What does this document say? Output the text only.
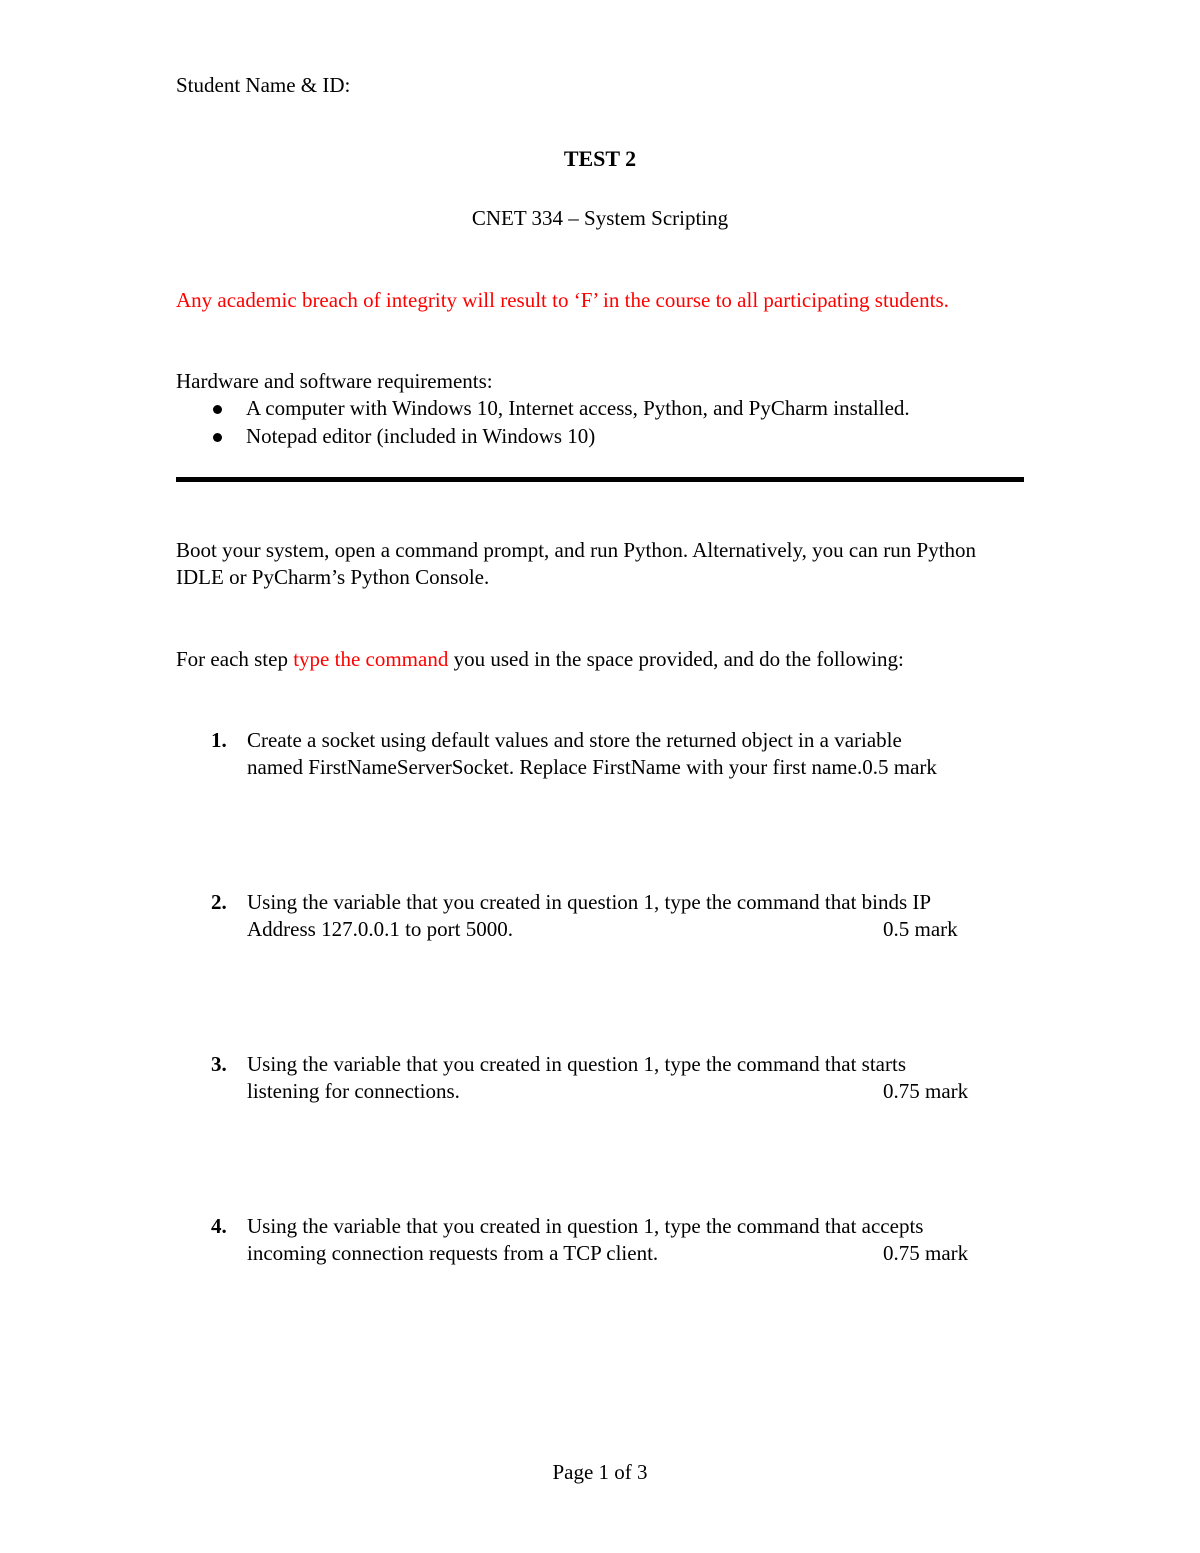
Student Name & ID:
TEST 2
CNET 334 – System Scripting
Any academic breach of integrity will result to ‘F’ in the course to all participating students.
Hardware and software requirements:
A computer with Windows 10, Internet access, Python, and PyCharm installed.
Notepad editor (included in Windows 10)
Boot your system, open a command prompt, and run Python. Alternatively, you can run Python IDLE or PyCharm’s Python Console.
For each step type the command you used in the space provided, and do the following:
1. Create a socket using default values and store the returned object in a variable
named FirstNameServerSocket. Replace FirstName with your first name.0.5 mark
2. Using the variable that you created in question 1, type the command that binds IP
Address 127.0.0.1 to port 5000.	0.5 mark
3. Using the variable that you created in question 1, type the command that starts
listening for connections.	0.75 mark
4. Using the variable that you created in question 1, type the command that accepts
incoming connection requests from a TCP client.	0.75 mark
Page 1 of 3
